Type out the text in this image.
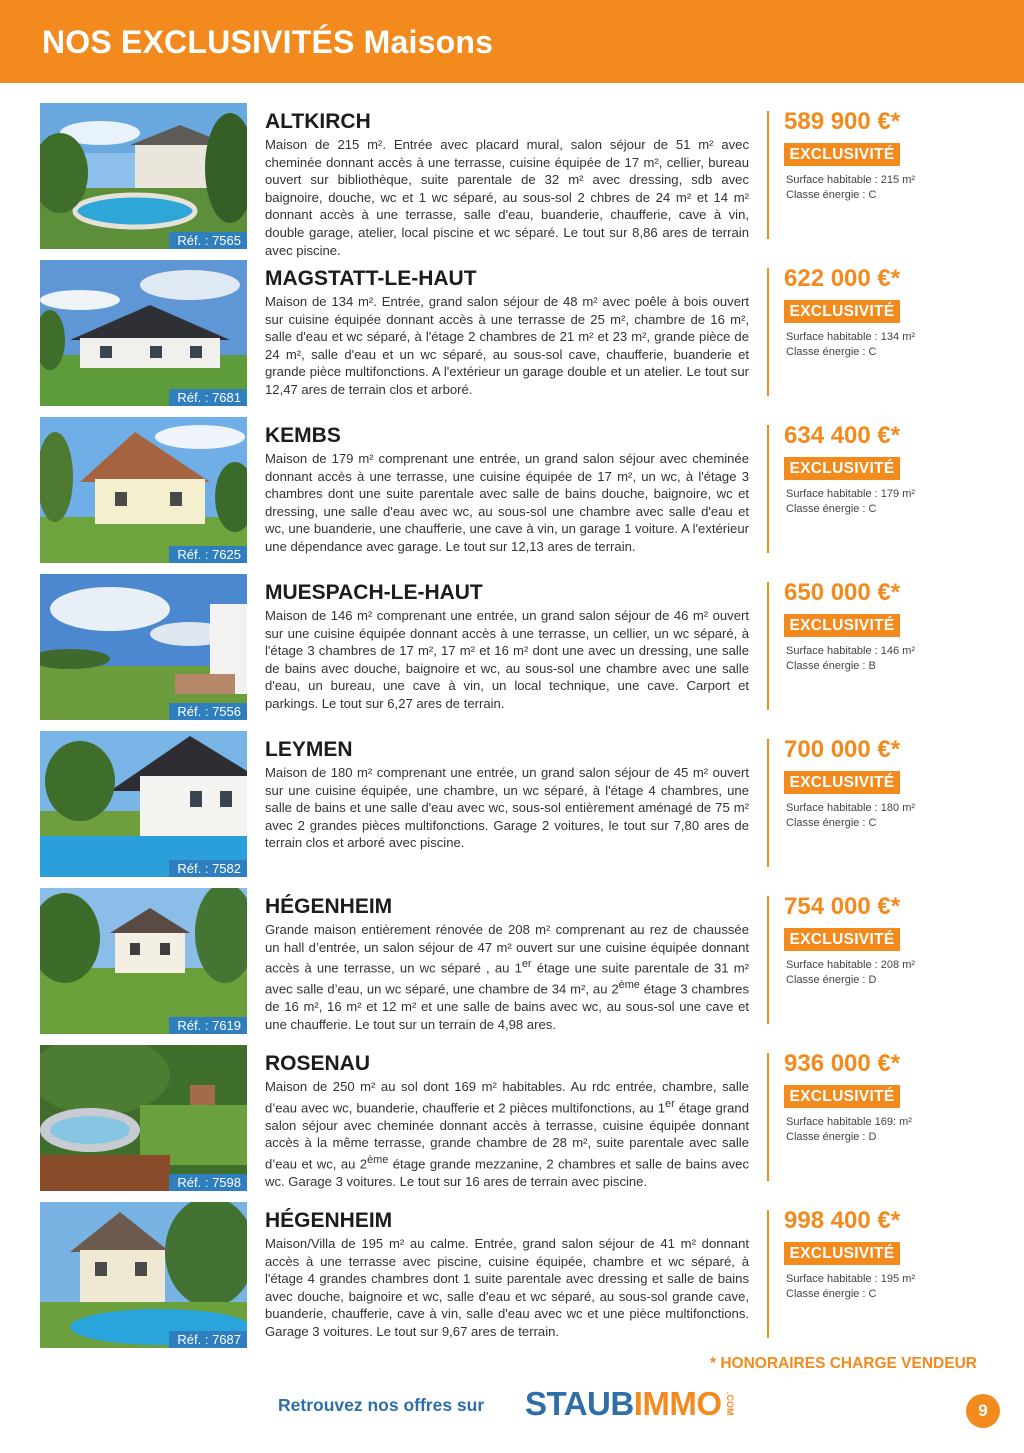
NOS EXCLUSIVITÉS Maisons
Réf. : 7565
ALTKIRCH
Maison de 215 m². Entrée avec placard mural, salon séjour de 51 m² avec cheminée donnant accès à une terrasse, cuisine équipée de 17 m², cellier, bureau ouvert sur bibliothèque, suite parentale de 32 m² avec dressing, sdb avec baignoire, douche, wc et 1 wc séparé, au sous-sol 2 chbres de 24 m² et 14 m² donnant accès à une terrasse, salle d'eau, buanderie, chaufferie, cave à vin, double garage, atelier, local piscine et wc séparé. Le tout sur 8,86 ares de terrain avec piscine.
589 900 €*
EXCLUSIVITÉ
Surface habitable : 215 m²
Classe énergie : C
Réf. : 7681
MAGSTATT-LE-HAUT
Maison de 134 m². Entrée, grand salon séjour de 48 m² avec poêle à bois ouvert sur cuisine équipée donnant accès à une terrasse de 25 m², chambre de 16 m², salle d'eau et wc séparé, à l'étage 2 chambres de 21 m² et 23 m², grande pièce de 24 m², salle d'eau et un wc séparé, au sous-sol cave, chaufferie, buanderie et grande pièce multifonctions. A l'extérieur un garage double et un atelier. Le tout sur 12,47 ares de terrain clos et arboré.
622 000 €*
EXCLUSIVITÉ
Surface habitable : 134 m²
Classe énergie : C
Réf. : 7625
KEMBS
Maison de 179 m² comprenant une entrée, un grand salon séjour avec cheminée donnant accès à une terrasse, une cuisine équipée de 17 m², un wc, à l'étage 3 chambres dont une suite parentale avec salle de bains douche, baignoire, wc et dressing, une salle d'eau avec wc, au sous-sol une chambre avec salle d'eau et wc, une buanderie, une chaufferie, une cave à vin, un garage 1 voiture. A l'extérieur une dépendance avec garage. Le tout sur 12,13 ares de terrain.
634 400 €*
EXCLUSIVITÉ
Surface habitable : 179 m²
Classe énergie : C
Réf. : 7556
MUESPACH-LE-HAUT
Maison de 146 m² comprenant une entrée, un grand salon séjour de 46 m² ouvert sur une cuisine équipée donnant accès à une terrasse, un cellier, un wc séparé, à l'étage 3 chambres de 17 m², 17 m² et 16 m² dont une avec un dressing, une salle de bains avec douche, baignoire et wc, au sous-sol une chambre avec une salle d'eau, un bureau, une cave à vin, un local technique, une cave. Carport et parkings. Le tout sur 6,27 ares de terrain.
650 000 €*
EXCLUSIVITÉ
Surface habitable : 146 m²
Classe énergie : B
Réf. : 7582
LEYMEN
Maison de 180 m² comprenant une entrée, un grand salon séjour de 45 m² ouvert sur une cuisine équipée, une chambre, un wc séparé, à l'étage 4 chambres, une salle de bains et une salle d'eau avec wc, sous-sol entièrement aménagé de 75 m² avec 2 grandes pièces multifonctions. Garage 2 voitures, le tout sur 7,80 ares de terrain clos et arboré avec piscine.
700 000 €*
EXCLUSIVITÉ
Surface habitable : 180 m²
Classe énergie : C
Réf. : 7619
HÉGENHEIM
Grande maison entièrement rénovée de 208 m² comprenant au rez de chaussée un hall d’entrée, un salon séjour de 47 m² ouvert sur une cuisine équipée donnant accès à une terrasse, un wc séparé , au 1er étage une suite parentale de 31 m² avec salle d’eau, un wc séparé, une chambre de 34 m², au 2ème étage 3 chambres de 16 m², 16 m² et 12 m² et une salle de bains avec wc, au sous-sol une cave et une chaufferie. Le tout sur un terrain de 4,98 ares.
754 000 €*
EXCLUSIVITÉ
Surface habitable : 208 m²
Classe énergie : D
Réf. : 7598
ROSENAU
Maison de 250 m² au sol dont 169 m² habitables. Au rdc entrée, chambre, salle d’eau avec wc, buanderie, chaufferie et 2 pièces multifonctions, au 1er étage grand salon séjour avec cheminée donnant accès à terrasse, cuisine équipée donnant accès à la même terrasse, grande chambre de 28 m², suite parentale avec salle d’eau et wc, au 2ème étage grande mezzanine, 2 chambres et salle de bains avec wc. Garage 3 voitures. Le tout sur 16 ares de terrain avec piscine.
936 000 €*
EXCLUSIVITÉ
Surface habitable 169: m²
Classe énergie : D
Réf. : 7687
HÉGENHEIM
Maison/Villa de 195 m² au calme. Entrée, grand salon séjour de 41 m² donnant accès à une terrasse avec piscine, cuisine équipée, chambre et wc séparé, à l'étage 4 grandes chambres dont 1 suite parentale avec dressing et salle de bains avec douche, baignoire et wc, salle d'eau et wc séparé, au sous-sol grande cave, buanderie, chaufferie, cave à vin, salle d'eau avec wc et une pièce multifonctions. Garage 3 voitures. Le tout sur 9,67 ares de terrain.
998 400 €*
EXCLUSIVITÉ
Surface habitable : 195 m²
Classe énergie : C
* HONORAIRES CHARGE VENDEUR
Retrouvez nos offres sur STAUBIMMO .COM	9
